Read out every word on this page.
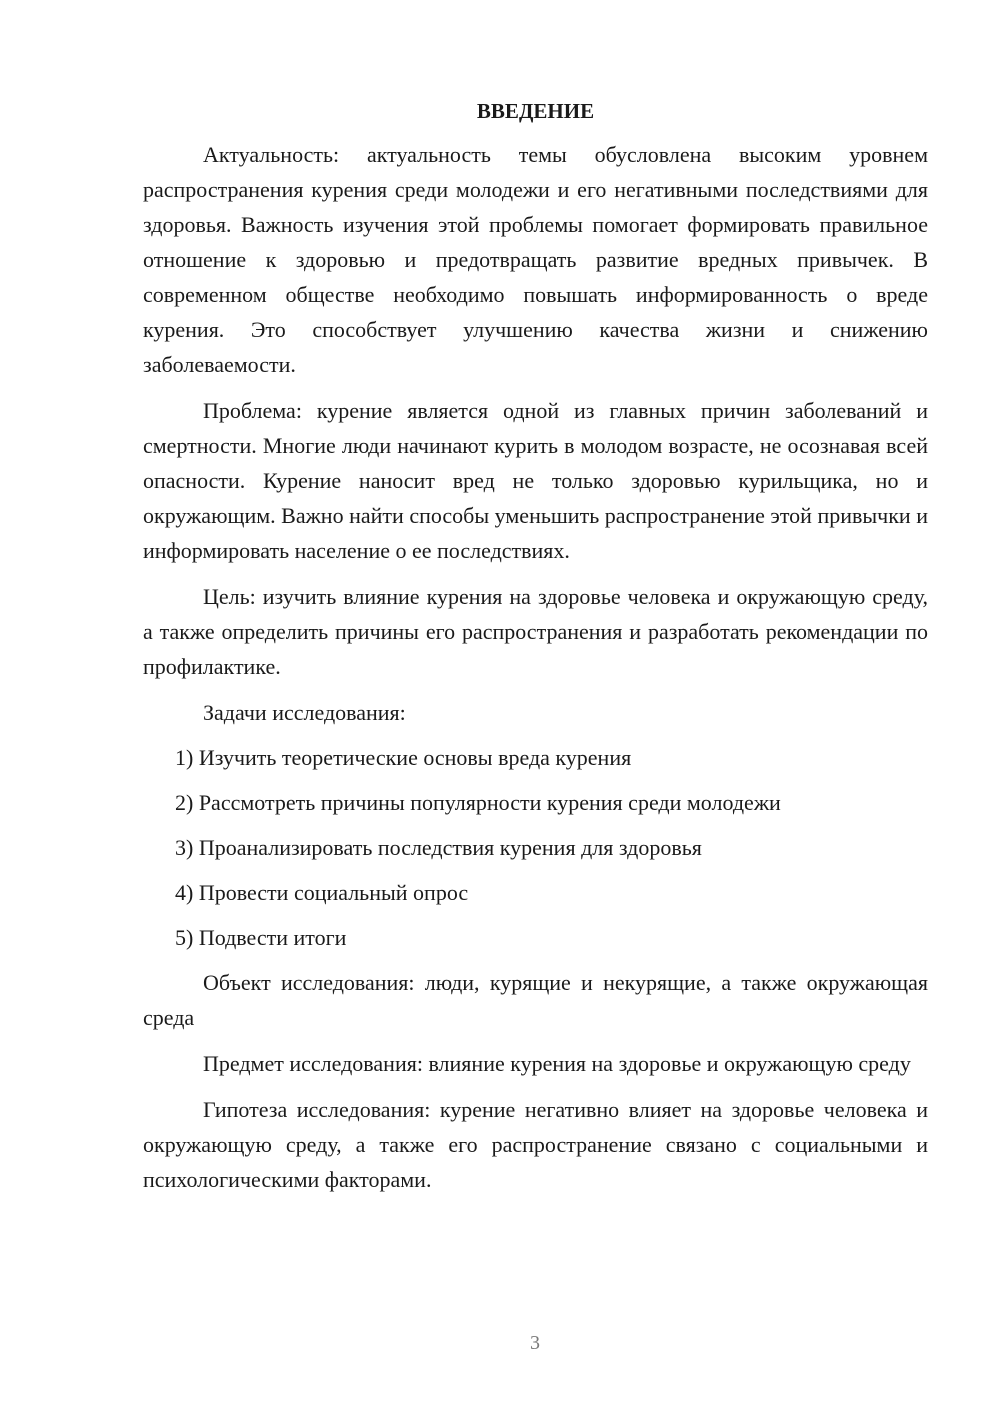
ВВЕДЕНИЕ

Актуальность: актуальность темы обусловлена высоким уровнем распространения курения среди молодежи и его негативными последствиями для здоровья. Важность изучения этой проблемы помогает формировать правильное отношение к здоровью и предотвращать развитие вредных привычек. В современном обществе необходимо повышать информированность о вреде курения. Это способствует улучшению качества жизни и снижению заболеваемости.

Проблема: курение является одной из главных причин заболеваний и смертности. Многие люди начинают курить в молодом возрасте, не осознавая всей опасности. Курение наносит вред не только здоровью курильщика, но и окружающим. Важно найти способы уменьшить распространение этой привычки и информировать население о ее последствиях.

Цель: изучить влияние курения на здоровье человека и окружающую среду, а также определить причины его распространения и разработать рекомендации по профилактике.

Задачи исследования:

1) Изучить теоретические основы вреда курения
2) Рассмотреть причины популярности курения среди молодежи
3) Проанализировать последствия курения для здоровья
4) Провести социальный опрос
5) Подвести итоги

Объект исследования: люди, курящие и некурящие, а также окружающая среда

Предмет исследования: влияние курения на здоровье и окружающую среду

Гипотеза исследования: курение негативно влияет на здоровье человека и окружающую среду, а также его распространение связано с социальными и психологическими факторами.

3
